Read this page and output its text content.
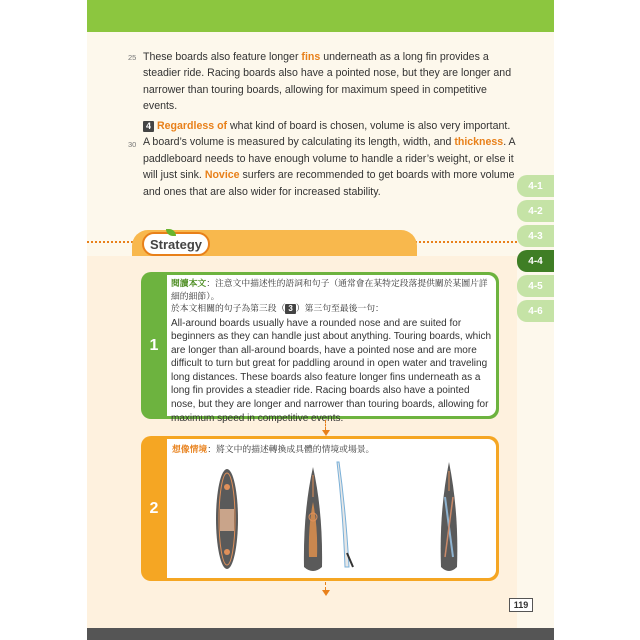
25 These boards also feature longer fins underneath as a long fin provides a steadier ride. Racing boards also have a pointed nose, but they are longer and narrower than touring boards, allowing for maximum speed in competitive events.

30

4 Regardless of what kind of board is chosen, volume is also very important. A board’s volume is measured by calculating its length, width, and thickness. A paddleboard needs to have enough volume to handle a rider’s weight, or else it will just sink. Novice surfers are recommended to get boards with more volume and ones that are also wider for increased stability.	4-1
4-2
4-3
4-4
4-5
4-6
Strategy
1
閱讀本文：注意文中描述性的語詞和句子（通常會在某特定段落提供關於某圖片詳細的細節）。
於本文相關的句子為第三段（ 3 ）第三句至最後一句：

All-around boards usually have a rounded nose and are suited for beginners as they can handle just about anything. Touring boards, which are longer than all-around boards, have a pointed nose and are more difficult to turn but great for paddling around in open water and traveling long distances. These boards also feature longer fins underneath as a long fin provides a steadier ride. Racing boards also have a pointed nose, but they are longer and narrower than touring boards, allowing for maximum speed in competitive events.

2
想像情境：將文中的描述轉換成具體的情境或場景。
119
